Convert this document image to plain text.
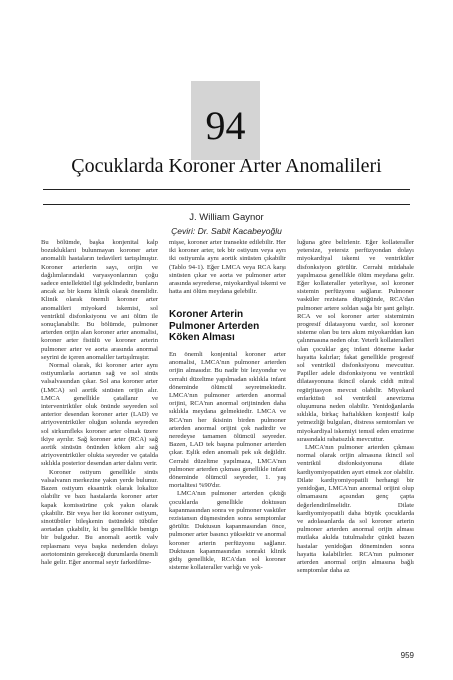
94
Çocuklarda Koroner Arter Anomalileri
J. William Gaynor
Çeviri: Dr. Sabit Kacabeyoğlu

Bu bölümde, başka konjenital kalp bozukluklarıi bulunmayan koroner arter anomalili hastaların tedavileri tartışılmıştır. Koroner arterlerin sayı, orijin ve dağılımlarındaki varyasyonlarının çoğu sadece entellektüel ilgi şeklindedir, bunların ancak az bir kısmı klinik olarak önemlidir. Klinik olarak önemli koroner arter anomalileri miyokard iskemisi, sol ventrikül disfonksiyonu ve ani ölüm ile sonuçlanabilir. Bu bölümde, pulmoner arterden orijin alan koroner arter anomalisi, koroner arter fistülü ve koroner arterin pulmoner arter ve aorta arasında anormal seyrini de içeren anomaliler tartışılmıştır.

Normal olarak, iki koroner arter aynı ostiyumlarla aortanın sağ ve sol sinüs valsalvasından çıkar. Sol ana koroner arter (LMCA) sol aortik sinüsten orijin alır. LMCA genellikle çatallanır ve interventriküler oluk önünde seyreden sol anterior desendan koroner arter (LAD) ve atriyoventriküler oluğun solunda seyreden sol sirkumfleks koroner arter olmak üzere ikiye ayrılır. Sağ koroner arter (RCA) sağ aortik sinüsün önünden köken alır sağ atriyoventriküler olukta seyreder ve çatalda sıklıkla posterior desendan arter dalını verir.

Koroner ostiyum genellikle sinüs valsalvanın merkezine yakın yerde bulunur. Bazen ostiyum eksantrik olarak lokalize olabilir ve bazı hastalarda koroner arter kapak komissürüne çok yakın olarak çıkabilir. Bir veya her iki koroner ostiyum, sinotübüler bileşkenin üstündeki tübüler aortadan çıkabilir, ki bu genellikle benign bir bulgudur. Bu anomali aortik valv replasmanı veya başka nedenden dolayı aortotominin gerekeceği durumlarda önemli hale gelir. Eğer anormal seyir farkedilme-

mişse, koroner arter transekte edilebilir. Her iki koroner arter, tek bir ostiyum veya ayrı iki ostiyumla aynı aortik sinüsten çıkabilir (Tablo 94-1). Eğer LMCA veya RCA karşı sinüsten çıkar ve aorta ve pulmoner arter arasında seyrederse, miyokardiyal iskemi ve hatta ani ölüm meydana gelebilir.

Koroner Arterin Pulmoner Arterden Köken Alması

En önemli konjenital koroner arter anomalisi, LMCA'nın pulmoner arterden orijin almasıdır. Bu nadir bir lezyondur ve cerrahi düzeltme yapılmadan sıklıkla infant döneminde ölümcül seyretmektedir. LMCA'nın pulmoner arterden anormal orijini, RCA'nın anormal orijininden daha sıklıkla meydana gelmektedir. LMCA ve RCA'nın her ikisinin birden pulmoner arterden anormal orijini çok nadirdir ve neredeyse tamamen ölümcül seyreder. Bazen, LAD tek başına pulmoner arterden çıkar. Eşlik eden anomali pek sık değildir. Cerrahi düzeltme yapılmaza, LMCA'nın pulmoner arterden çıkması genellikle infant döneminde ölümcül seyreder, 1. yaş mortalitesi %90'dır.

LMCA'nın pulmoner arterden çıktığı çocuklarda genellikle doktusun kapanmasından sonra ve pulmoner vasküler rezistansın düşmesinden sonra semptomlar görülür. Duktusun kapanmasından önce, pulmoner arter basıncı yüksektir ve anormal koroner arterin perfüzyonu sağlanır. Duktusun kapanmasından sonraki klinik gidiş genellikle, RCA'dan sol koroner sisteme kollateraller varlığı ve yok-

luğuna göre belirlenir. Eğer kollateraller yetersize, yetersiz perfüzyondan dolayı miyokardiyal iskemi ve ventriküler disfonksiyon görülür. Cerrahi müdahale yapılmazsa genellikle ölüm meydana gelir. Eğer kollateraller yeterliyse, sol koroner sistemin perfüzyonu sağlanır. Pulmoner vasküler rezistans düştüğünde, RCA'dan pulmoner artere soldan sağa bir şant gelişir. RCA ve sol koroner arter sistemimin progresif dilatasyonu vardır, sol koroner sisteme olan bu ters akım miyokarddan kan çalınmasına neden olur. Yeterli kollateralleri olan çocuklar geç infant döneme kadar hayatta kalırlar; fakat genellikle progresif sol ventrikül disfonksiyonu mevcuttur. Papiller adele disfonksiyonu ve ventrikül dilatasyonuna ikincil olarak ciddi mitral regürjitasyon mevcut olabilir. Miyokard enfarktüsü sol ventrikül anevrizma oluşumuna neden olabilir. Yenidoğanlarda sıklıkla, birkaç haftalıkken konjestif kalp yetmezliği bulguları, distress semtomları ve miyokardiyal iskemiyi temsil eden emzirme sırasındaki rahatsızlık mevcuttur.

LMCA'nın pulmoner arterden çıkması normal olarak orijin almasına ikincil sol ventrikül disfonksiyonuna dilate kardiyomiyopatiden ayırt etmek zor olabilir. Dilate kardiyomiyopatili herhangi bir yenidoğan, LMCA'nın anormal orijini olup olmamasını açısından genç çapta değerlendirilmelidir. Dilate kardiyomiyopatili daha büyük çocuklarda ve adolasanlarda da sol koroner arterin pulmoner arterden anormal orijin alması mutlaka akılda tutulmalıdır çünkü bazen hastalar yenidoğan döneminden sonra hayatta kalabilirler. RCA'nın pulmoner arterden anormal orijin almasına bağlı semptomlar daha az

959
